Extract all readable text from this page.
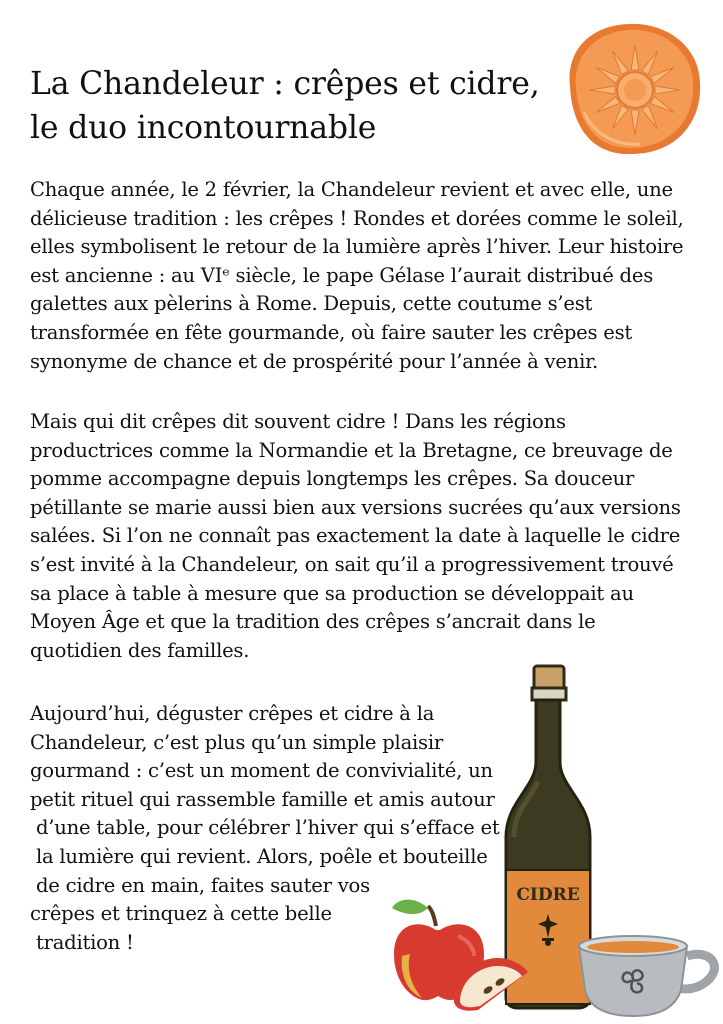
La Chandeleur : crêpes et cidre,
le duo incontournable
Chaque année, le 2 février, la Chandeleur revient et avec elle, une
délicieuse tradition : les crêpes ! Rondes et dorées comme le soleil,
elles symbolisent le retour de la lumière après l’hiver. Leur histoire
est ancienne : au VIᵉ siècle, le pape Gélase l’aurait distribué des
galettes aux pèlerins à Rome. Depuis, cette coutume s’est
transformée en fête gourmande, où faire sauter les crêpes est
synonyme de chance et de prospérité pour l’année à venir.
Mais qui dit crêpes dit souvent cidre ! Dans les régions
productrices comme la Normandie et la Bretagne, ce breuvage de
pomme accompagne depuis longtemps les crêpes. Sa douceur
pétillante se marie aussi bien aux versions sucrées qu’aux versions
salées. Si l’on ne connaît pas exactement la date à laquelle le cidre
s’est invité à la Chandeleur, on sait qu’il a progressivement trouvé
sa place à table à mesure que sa production se développait au
Moyen Âge et que la tradition des crêpes s’ancrait dans le
quotidien des familles.
Aujourd’hui, déguster crêpes et cidre à la
Chandeleur, c’est plus qu’un simple plaisir
gourmand : c’est un moment de convivialité, un
petit rituel qui rassemble famille et amis autour
d’une table, pour célébrer l’hiver qui s’efface et
la lumière qui revient. Alors, poêle et bouteille
de cidre en main, faites sauter vos
crêpes et trinquez à cette belle
tradition !
CIDRE
